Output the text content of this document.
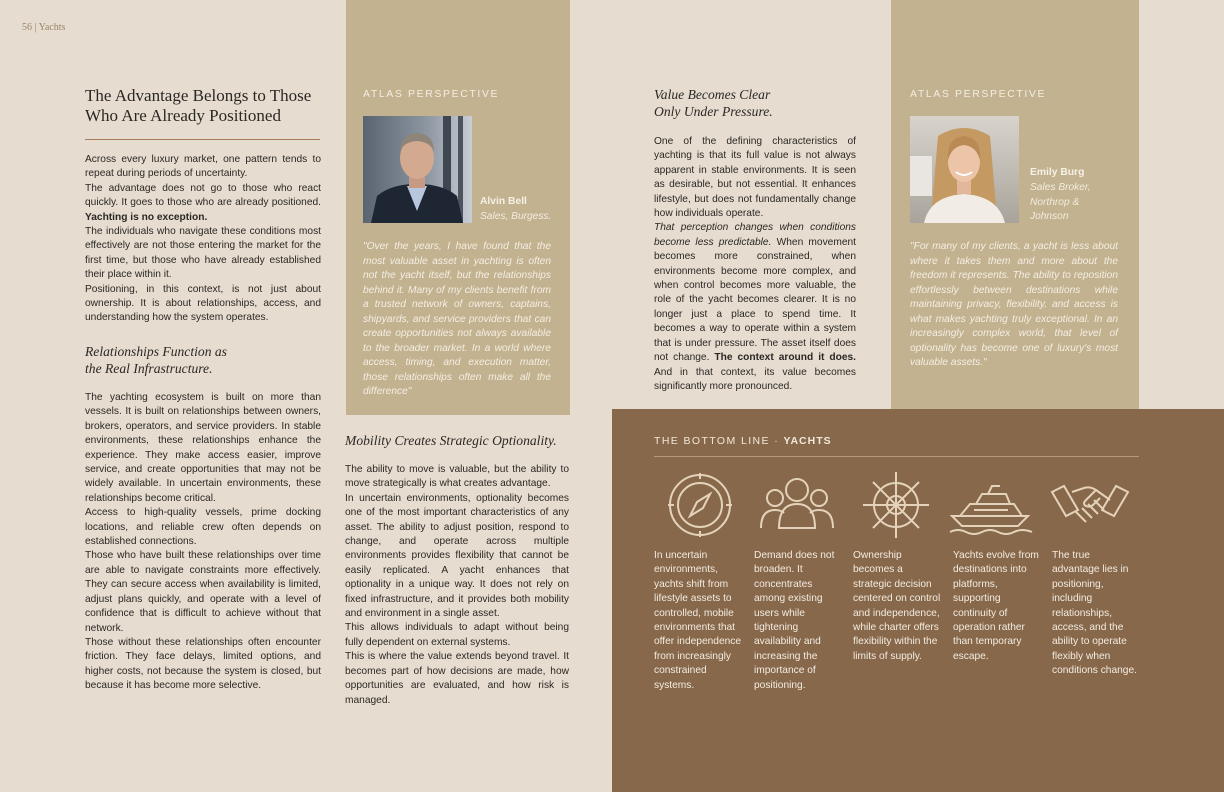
56 | Yachts
The Advantage Belongs to Those Who Are Already Positioned

Across every luxury market, one pattern tends to repeat during periods of uncertainty.

The advantage does not go to those who react quickly. It goes to those who are already positioned. Yachting is no exception.

The individuals who navigate these conditions most effectively are not those entering the market for the first time, but those who have already established their place within it.

Positioning, in this context, is not just about ownership. It is about relationships, access, and understanding how the system operates.

Relationships Function as the Real Infrastructure.

The yachting ecosystem is built on more than vessels. It is built on relationships between owners, brokers, operators, and service providers. In stable environments, these relationships enhance the experience. They make access easier, improve service, and create opportunities that may not be widely available. In uncertain environments, these relationships become critical.

Access to high-quality vessels, prime docking locations, and reliable crew often depends on established connections.

Those who have built these relationships over time are able to navigate constraints more effectively. They can secure access when availability is limited, adjust plans quickly, and operate with a level of confidence that is difficult to achieve without that network.

Those without these relationships often encounter friction. They face delays, limited options, and higher costs, not because the system is closed, but because it has become more selective.

ATLAS PERSPECTIVE
Alvin Bell
Sales, Burgess.
"Over the years, I have found that the most valuable asset in yachting is often not the yacht itself, but the relationships behind it. Many of my clients benefit from a trusted network of owners, captains, shipyards, and service providers that can create opportunities not always available to the broader market. In a world where access, timing, and execution matter, those relationships often make all the difference"
Mobility Creates Strategic Optionality.

The ability to move is valuable, but the ability to move strategically is what creates advantage.

In uncertain environments, optionality becomes one of the most important characteristics of any asset. The ability to adjust position, respond to change, and operate across multiple environments provides flexibility that cannot be easily replicated. A yacht enhances that optionality in a unique way. It does not rely on fixed infrastructure, and it provides both mobility and environment in a single asset.

This allows individuals to adapt without being fully dependent on external systems.

This is where the value extends beyond travel. It becomes part of how decisions are made, how opportunities are evaluated, and how risk is managed.

Value Becomes Clear Only Under Pressure.

One of the defining characteristics of yachting is that its full value is not always apparent in stable environments. It is seen as desirable, but not essential. It enhances lifestyle, but does not fundamentally change how individuals operate.

That perception changes when conditions become less predictable. When movement becomes more constrained, when environments become more complex, and when control becomes more valuable, the role of the yacht becomes clearer. It is no longer just a place to spend time. It becomes a way to operate within a system that is under pressure. The asset itself does not change. The context around it does. And in that context, its value becomes significantly more pronounced.

ATLAS PERSPECTIVE
Emily Burg
Sales Broker, Northrop & Johnson
"For many of my clients, a yacht is less about where it takes them and more about the freedom it represents. The ability to reposition effortlessly between destinations while maintaining privacy, flexibility, and access is what makes yachting truly exceptional. In an increasingly complex world, that level of optionality has become one of luxury's most valuable assets."
THE BOTTOM LINE · YACHTS
In uncertain environments, yachts shift from lifestyle assets to controlled, mobile environments that offer independence from increasingly constrained systems.
Demand does not broaden. It concentrates among existing users while tightening availability and increasing the importance of positioning.
Ownership becomes a strategic decision centered on control and independence, while charter offers flexibility within the limits of supply.
Yachts evolve from destinations into platforms, supporting continuity of operation rather than temporary escape.
The true advantage lies in positioning, including relationships, access, and the ability to operate flexibly when conditions change.
